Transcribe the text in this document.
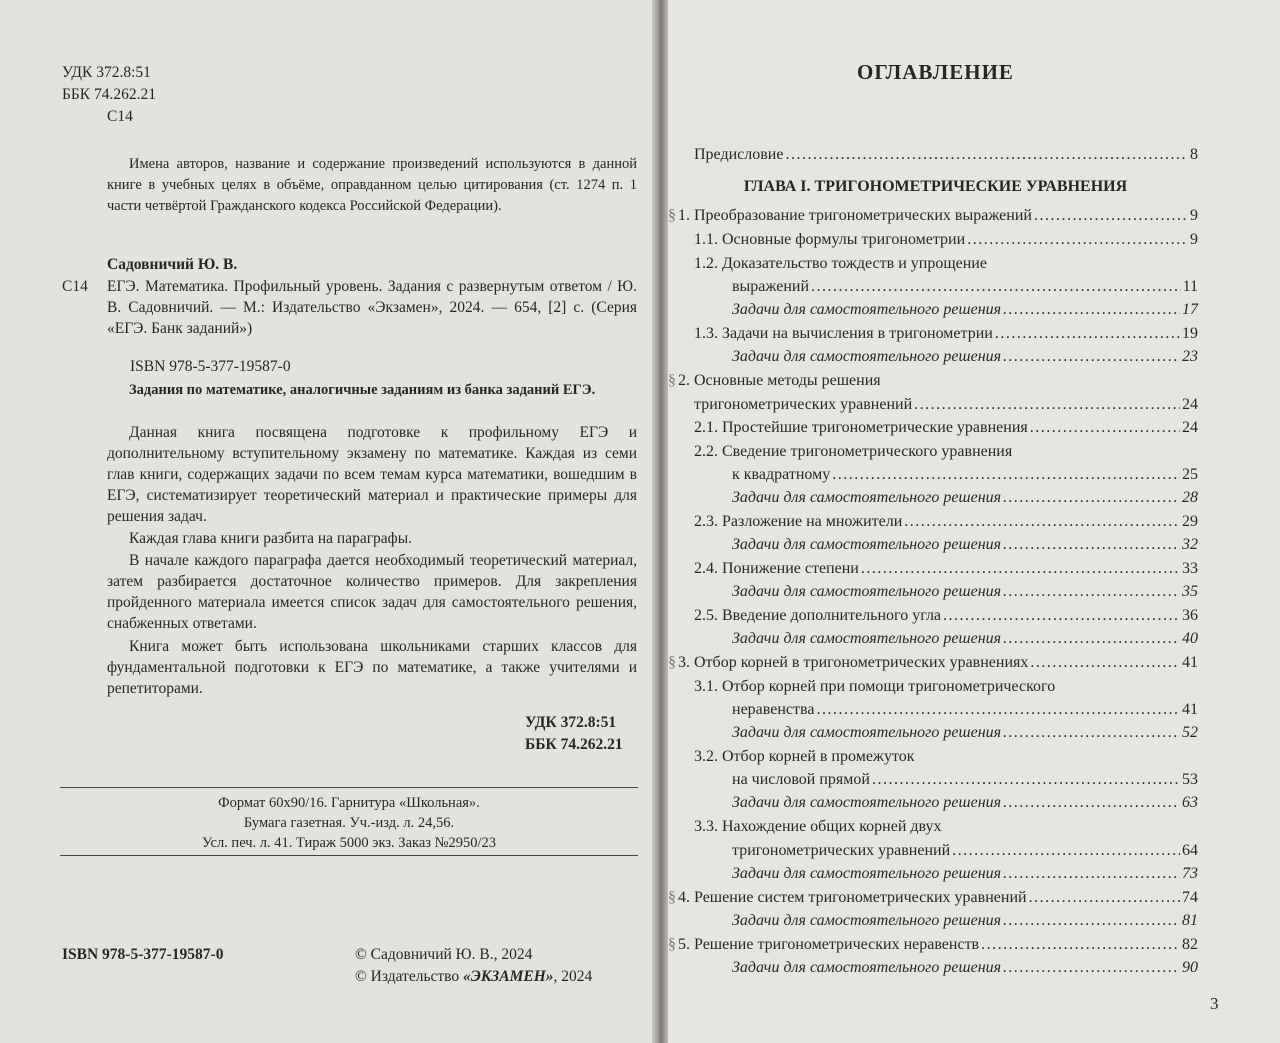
УДК 372.8:51
ББК 74.262.21
С14

Имена авторов, название и содержание произведений используются в данной книге в учебных целях в объёме, оправданном целью цитирования (ст. 1274 п. 1 части четвёртой Гражданского кодекса Российской Федерации).

Садовничий Ю. В.
С14 ЕГЭ. Математика. Профильный уровень. Задания с развернутым ответом / Ю. В. Садовничий. — М.: Издательство «Экзамен», 2024. — 654, [2] с. (Серия «ЕГЭ. Банк заданий»)

ISBN 978-5-377-19587-0

Задания по математике, аналогичные заданиям из банка заданий ЕГЭ.

Данная книга посвящена подготовке к профильному ЕГЭ и дополнительному вступительному экзамену по математике. Каждая из семи глав книги, содержащих задачи по всем темам курса математики, вошедшим в ЕГЭ, систематизирует теоретический материал и практические примеры для решения задач.

Каждая глава книги разбита на параграфы.

В начале каждого параграфа дается необходимый теоретический материал, затем разбирается достаточное количество примеров. Для закрепления пройденного материала имеется список задач для самостоятельного решения, снабженных ответами.

Книга может быть использована школьниками старших классов для фундаментальной подготовки к ЕГЭ по математике, а также учителями и репетиторами.

УДК 372.8:51
ББК 74.262.21
Формат 60x90/16. Гарнитура «Школьная».
Бумага газетная. Уч.-изд. л. 24,56.
Усл. печ. л. 41. Тираж 5000 экз. Заказ №2950/23
ISBN 978-5-377-19587-0	© Садовничий Ю. В., 2024
© Издательство «ЭКЗАМЕН», 2024
ОГЛАВЛЕНИЕ
Предисловие .....	8
ГЛАВА I. ТРИГОНОМЕТРИЧЕСКИЕ УРАВНЕНИЯ
§ 1. Преобразование тригонометрических выражений .....	9
1.1. Основные формулы тригонометрии .....	9
1.2. Доказательство тождеств и упрощение
выражений .....	11
Задачи для самостоятельного решения .....	17
1.3. Задачи на вычисления в тригонометрии .....	19
Задачи для самостоятельного решения .....	23
§ 2. Основные методы решения
тригонометрических уравнений .....	24
2.1. Простейшие тригонометрические уравнения .....	24
2.2. Сведение тригонометрического уравнения
к квадратному .....	25
Задачи для самостоятельного решения .....	28
2.3. Разложение на множители .....	29
Задачи для самостоятельного решения .....	32
2.4. Понижение степени .....	33
Задачи для самостоятельного решения .....	35
2.5. Введение дополнительного угла .....	36
Задачи для самостоятельного решения .....	40
§ 3. Отбор корней в тригонометрических уравнениях .....	41
3.1. Отбор корней при помощи тригонометрического
неравенства .....	41
Задачи для самостоятельного решения .....	52
3.2. Отбор корней в промежуток
на числовой прямой .....	53
Задачи для самостоятельного решения .....	63
3.3. Нахождение общих корней двух
тригонометрических уравнений .....	64
Задачи для самостоятельного решения .....	73
§ 4. Решение систем тригонометрических уравнений .....	74
Задачи для самостоятельного решения .....	81
§ 5. Решение тригонометрических неравенств .....	82
Задачи для самостоятельного решения .....	90
3
